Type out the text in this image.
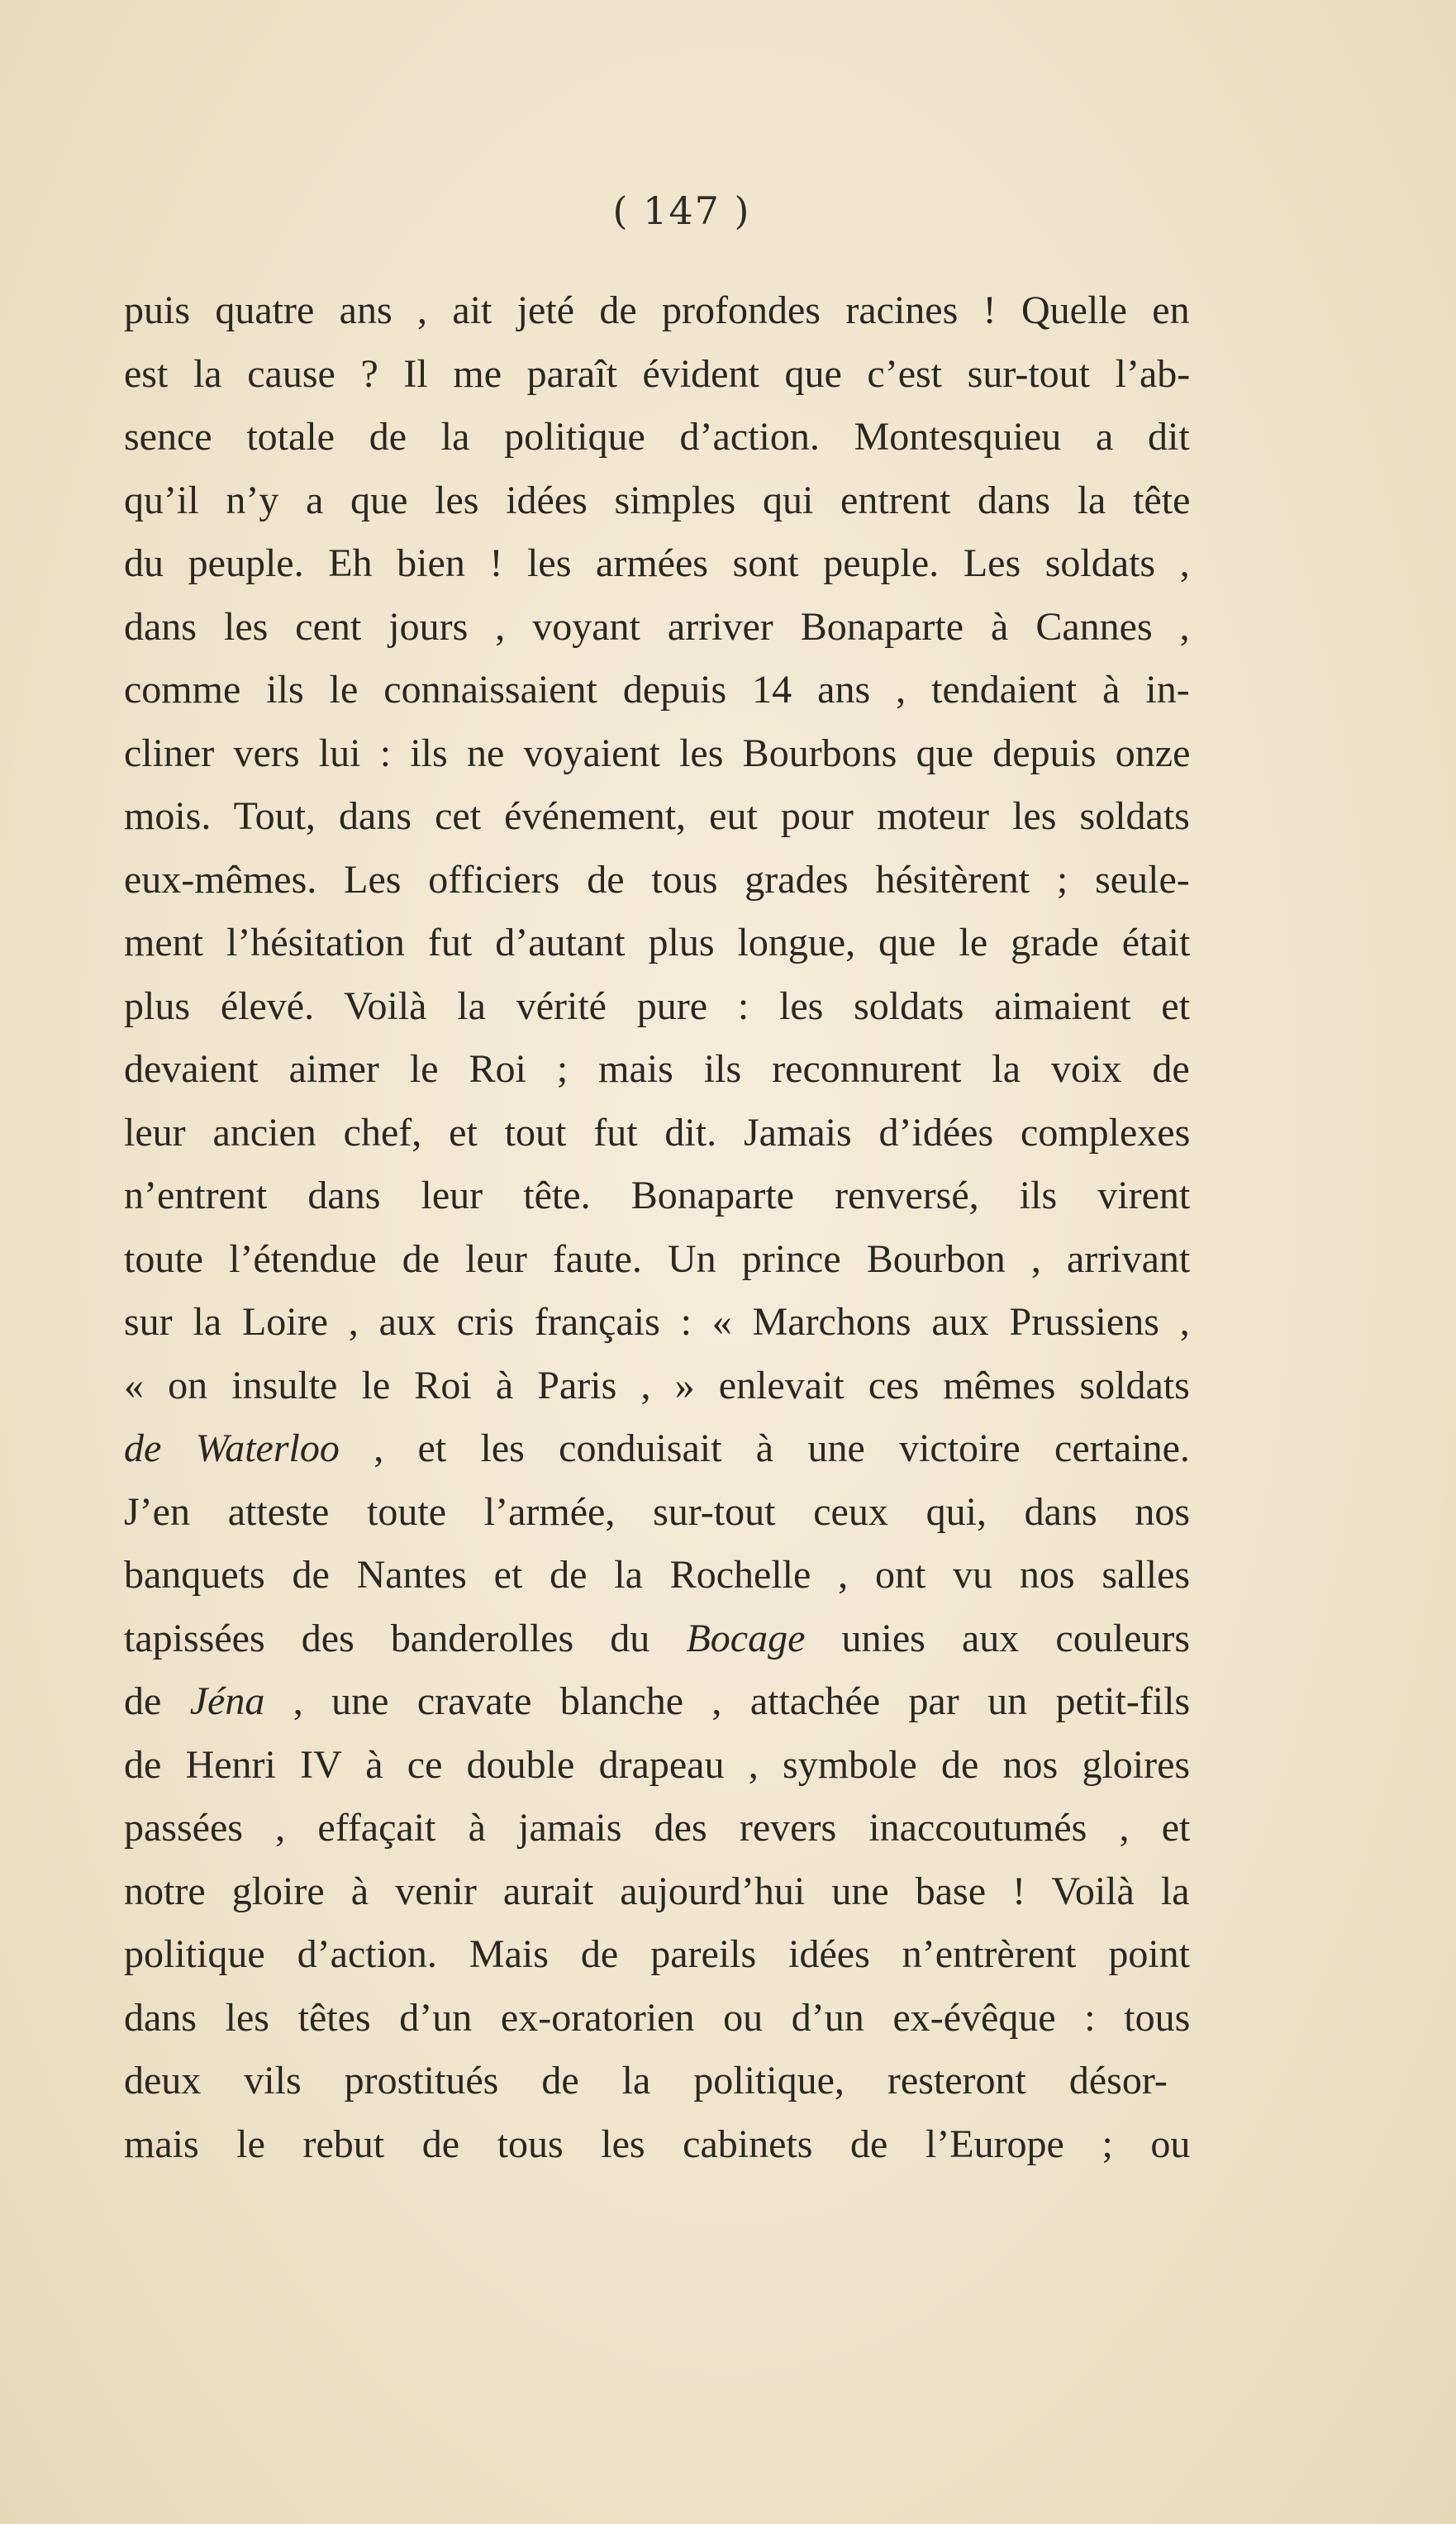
( 147 )
puis quatre ans , ait jeté de profondes racines ! Quelle en
est la cause ? Il me paraît évident que c’est sur-tout l’ab-
sence totale de la politique d’action. Montesquieu a dit
qu’il n’y a que les idées simples qui entrent dans la tête
du peuple. Eh bien ! les armées sont peuple. Les soldats ,
dans les cent jours , voyant arriver Bonaparte à Cannes ,
comme ils le connaissaient depuis 14 ans , tendaient à in-
cliner vers lui : ils ne voyaient les Bourbons que depuis onze
mois. Tout, dans cet événement, eut pour moteur les soldats
eux-mêmes. Les officiers de tous grades hésitèrent ; seule-
ment l’hésitation fut d’autant plus longue, que le grade était
plus élevé. Voilà la vérité pure : les soldats aimaient et
devaient aimer le Roi ; mais ils reconnurent la voix de
leur ancien chef, et tout fut dit. Jamais d’idées complexes
n’entrent dans leur tête. Bonaparte renversé, ils virent
toute l’étendue de leur faute. Un prince Bourbon , arrivant
sur la Loire , aux cris français : « Marchons aux Prussiens ,
« on insulte le Roi à Paris , » enlevait ces mêmes soldats
de Waterloo , et les conduisait à une victoire certaine.
J’en atteste toute l’armée, sur-tout ceux qui, dans nos
banquets de Nantes et de la Rochelle , ont vu nos salles
tapissées des banderolles du Bocage unies aux couleurs
de Jéna , une cravate blanche , attachée par un petit-fils
de Henri IV à ce double drapeau , symbole de nos gloires
passées , effaçait à jamais des revers inaccoutumés , et
notre gloire à venir aurait aujourd’hui une base ! Voilà la
politique d’action. Mais de pareils idées n’entrèrent point
dans les têtes d’un ex-oratorien ou d’un ex-évêque : tous
deux vils prostitués de la politique, resteront désor-
mais le rebut de tous les cabinets de l’Europe ; ou
